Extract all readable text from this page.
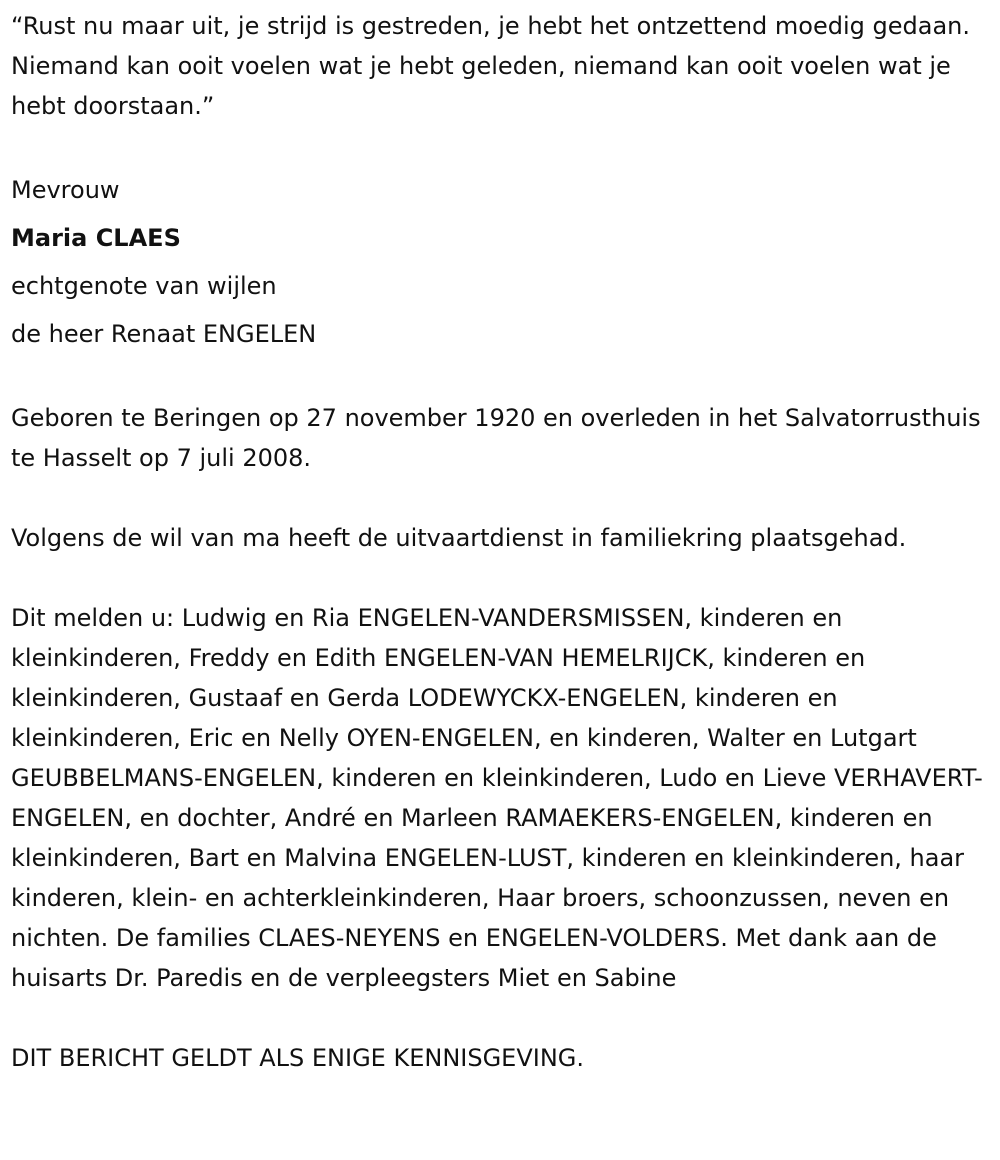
“Rust nu maar uit, je strijd is gestreden, je hebt het ontzettend moedig gedaan. Niemand kan ooit voelen wat je hebt geleden, niemand kan ooit voelen wat je hebt doorstaan.”

Mevrouw

Maria CLAES

echtgenote van wijlen

de heer Renaat ENGELEN

Geboren te Beringen op 27 november 1920 en overleden in het Salvatorrusthuis te Hasselt op 7 juli 2008.

Volgens de wil van ma heeft de uitvaartdienst in familiekring plaatsgehad.

Dit melden u: Ludwig en Ria ENGELEN-VANDERSMISSEN, kinderen en kleinkinderen, Freddy en Edith ENGELEN-VAN HEMELRIJCK, kinderen en kleinkinderen, Gustaaf en Gerda LODEWYCKX-ENGELEN, kinderen en kleinkinderen, Eric en Nelly OYEN-ENGELEN, en kinderen, Walter en Lutgart GEUBBELMANS-ENGELEN, kinderen en kleinkinderen, Ludo en Lieve VERHAVERT-ENGELEN, en dochter, André en Marleen RAMAEKERS-ENGELEN, kinderen en kleinkinderen, Bart en Malvina ENGELEN-LUST, kinderen en kleinkinderen, haar kinderen, klein- en achterkleinkinderen, Haar broers, schoonzussen, neven en nichten. De families CLAES-NEYENS en ENGELEN-VOLDERS. Met dank aan de huisarts Dr. Paredis en de verpleegsters Miet en Sabine

DIT BERICHT GELDT ALS ENIGE KENNISGEVING.
